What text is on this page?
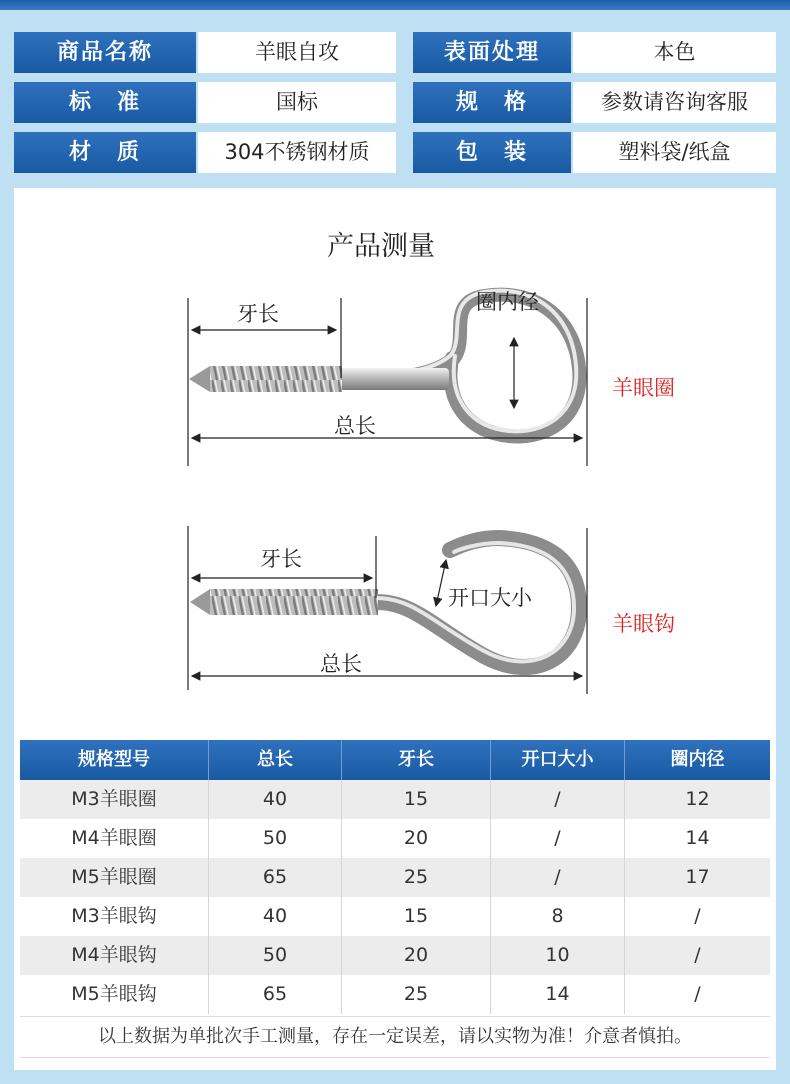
商品名称	羊眼自攻	表面处理	本色
标　准	国标	规　格	参数请咨询客服
材　质	304不锈钢材质	包　装	塑料袋/纸盒
产品测量
牙长	圈内径
总长
羊眼圈
牙长
开口大小
总长
羊眼钩
规格型号	总长	牙长	开口大小	圈内径
M3羊眼圈	40	15	/	12
M4羊眼圈	50	20	/	14
M5羊眼圈	65	25	/	17
M3羊眼钩	40	15	8	/
M4羊眼钩	50	20	10	/
M5羊眼钩	65	25	14	/
以上数据为单批次手工测量，存在一定误差，请以实物为准！介意者慎拍。
